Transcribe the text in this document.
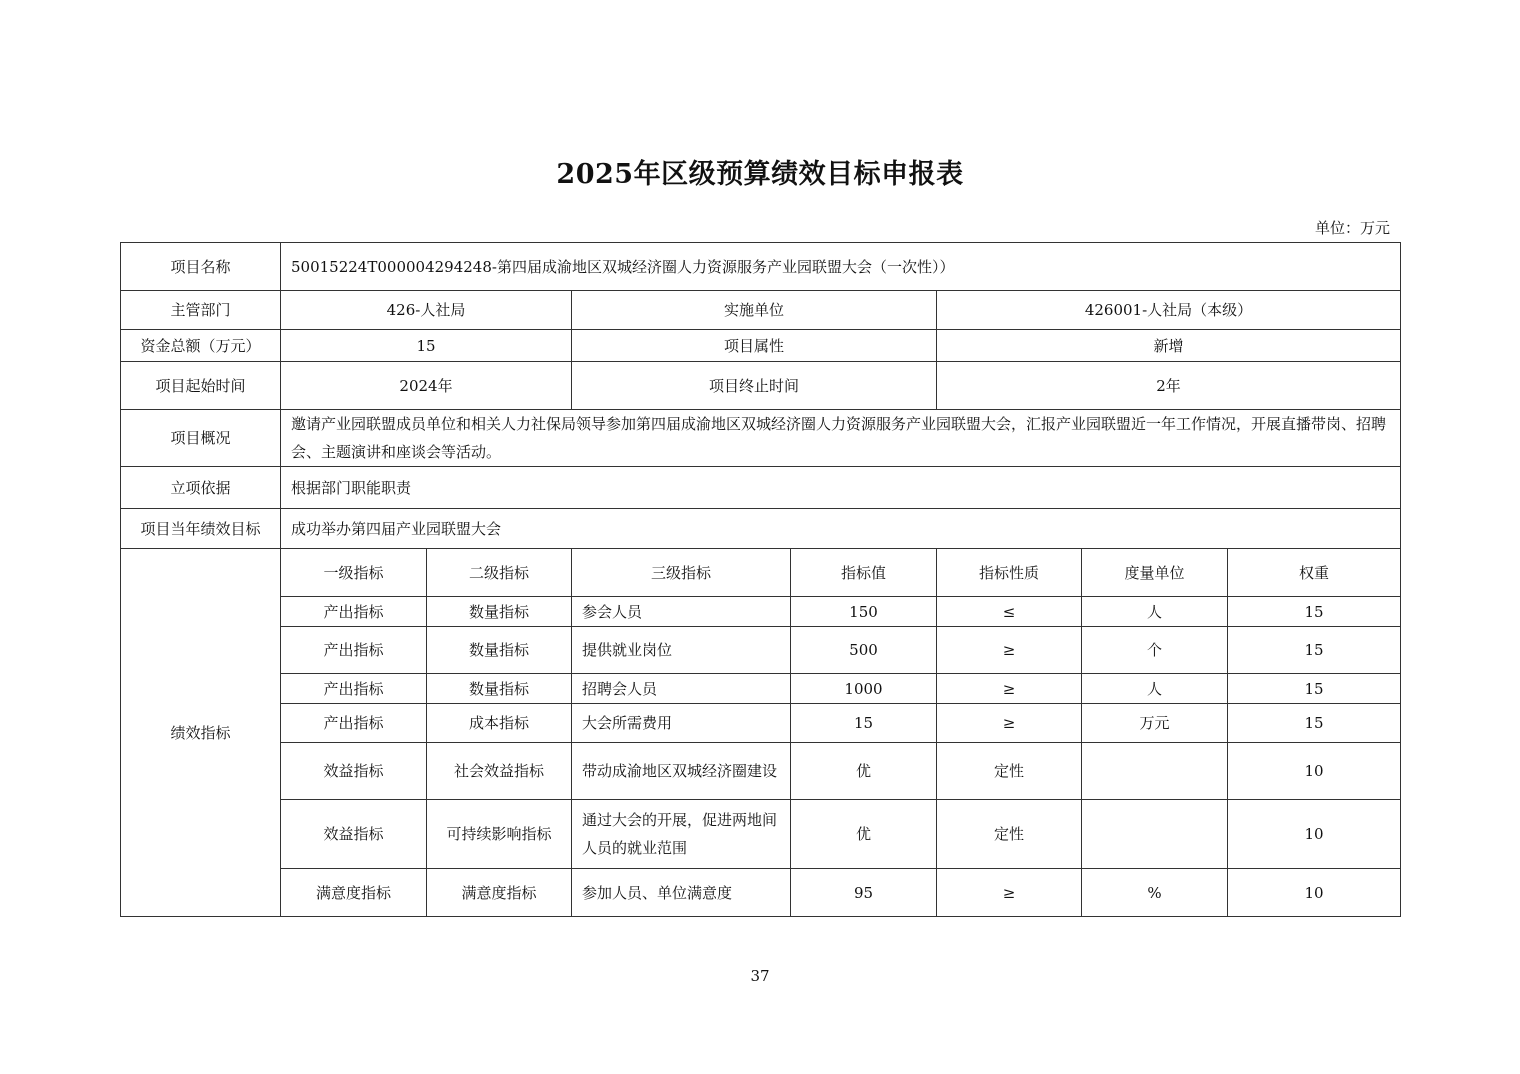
2025年区级预算绩效目标申报表
单位：万元
项目名称	50015224T000004294248-第四届成渝地区双城经济圈人力资源服务产业园联盟大会（一次性））						
主管部门	426-人社局		实施单位		426001-人社局（本级）		
资金总额（万元）	15		项目属性		新增		
项目起始时间	2024年		项目终止时间		2年		
项目概况	邀请产业园联盟成员单位和相关人力社保局领导参加第四届成渝地区双城经济圈人力资源服务产业园联盟大会，汇报产业园联盟近一年工作情况，开展直播带岗、招聘会、主题演讲和座谈会等活动。						
立项依据	根据部门职能职责						
项目当年绩效目标	成功举办第四届产业园联盟大会						
绩效指标	一级指标	二级指标	三级指标	指标值	指标性质	度量单位	权重
	产出指标	数量指标	参会人员	150	≤	人	15
	产出指标	数量指标	提供就业岗位	500	≥	个	15
	产出指标	数量指标	招聘会人员	1000	≥	人	15
	产出指标	成本指标	大会所需费用	15	≥	万元	15
	效益指标	社会效益指标	带动成渝地区双城经济圈建设	优	定性		10
	效益指标	可持续影响指标	通过大会的开展，促进两地间人员的就业范围	优	定性		10
	满意度指标	满意度指标	参加人员、单位满意度	95	≥	%	10
37
